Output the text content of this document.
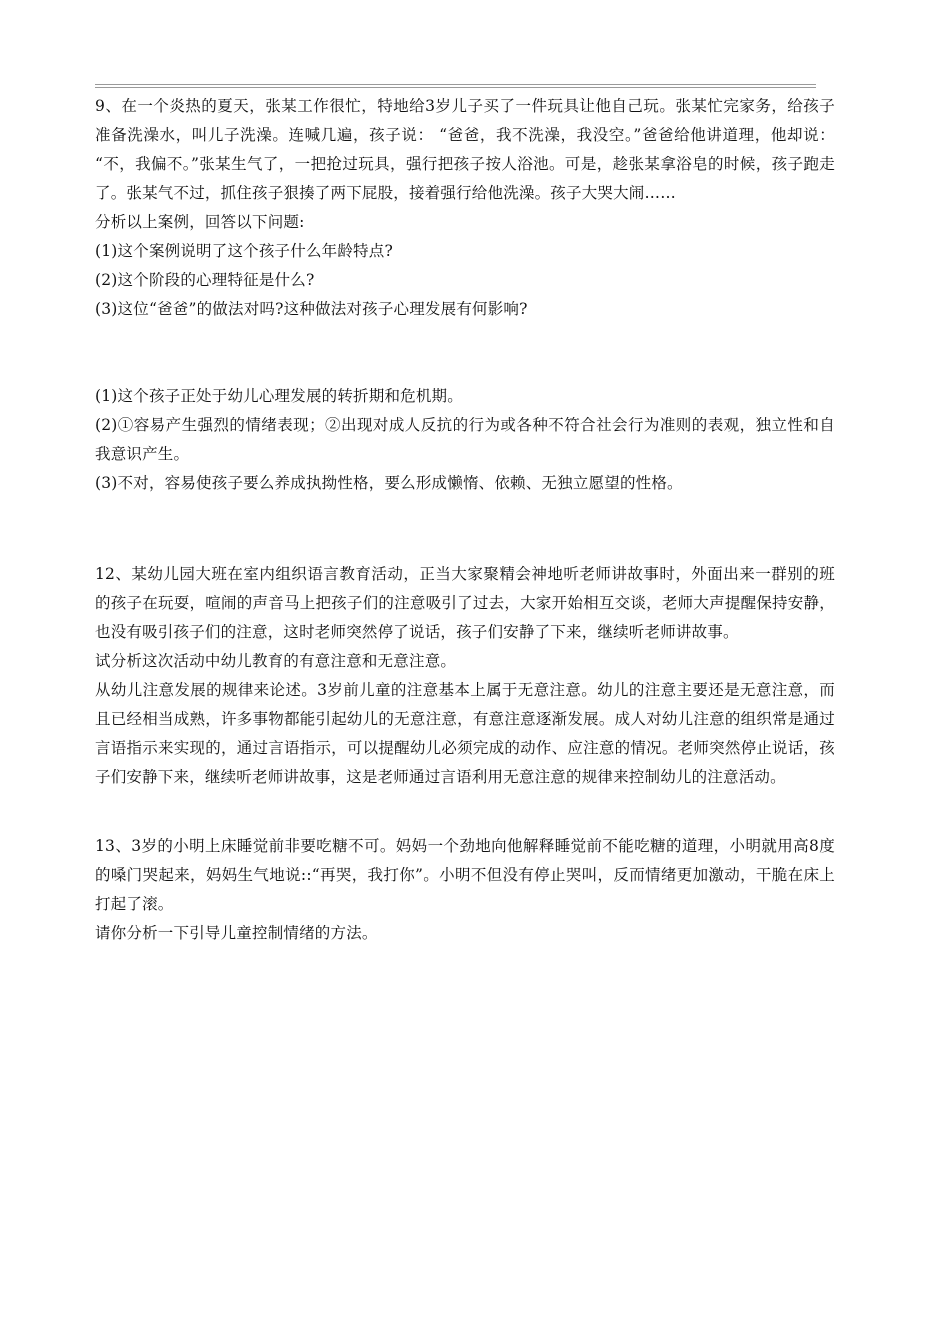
9、在一个炎热的夏天，张某工作很忙，特地给3岁儿子买了一件玩具让他自己玩。张某忙完家务，给孩子准备洗澡水，叫儿子洗澡。连喊几遍，孩子说： “爸爸，我不洗澡，我没空。”爸爸给他讲道理，他却说： “不，我偏不。”张某生气了，一把抢过玩具，强行把孩子按人浴池。可是，趁张某拿浴皂的时候，孩子跑走了。张某气不过，抓住孩子狠揍了两下屁股，接着强行给他洗澡。孩子大哭大闹……

分析以上案例，回答以下问题:

(1)这个案例说明了这个孩子什么年龄特点?

(2)这个阶段的心理特征是什么?

(3)这位“爸爸”的做法对吗?这种做法对孩子心理发展有何影响?

(1)这个孩子正处于幼儿心理发展的转折期和危机期。

(2)①容易产生强烈的情绪表现；②出现对成人反抗的行为或各种不符合社会行为准则的表观，独立性和自我意识产生。

(3)不对，容易使孩子要么养成执拗性格，要么形成懒惰、依赖、无独立愿望的性格。

12、某幼儿园大班在室内组织语言教育活动，正当大家聚精会神地听老师讲故事时，外面出来一群别的班的孩子在玩耍，喧闹的声音马上把孩子们的注意吸引了过去，大家开始相互交谈，老师大声提醒保持安静，也没有吸引孩子们的注意，这时老师突然停了说话，孩子们安静了下来，继续听老师讲故事。

试分析这次活动中幼儿教育的有意注意和无意注意。

从幼儿注意发展的规律来论述。3岁前儿童的注意基本上属于无意注意。幼儿的注意主要还是无意注意，而且已经相当成熟，许多事物都能引起幼儿的无意注意，有意注意逐渐发展。成人对幼儿注意的组织常是通过言语指示来实现的，通过言语指示，可以提醒幼儿必须完成的动作、应注意的情况。老师突然停止说话，孩子们安静下来，继续听老师讲故事，这是老师通过言语利用无意注意的规律来控制幼儿的注意活动。

13、3岁的小明上床睡觉前非要吃糖不可。妈妈一个劲地向他解释睡觉前不能吃糖的道理，小明就用高8度的嗓门哭起来，妈妈生气地说::“再哭，我打你”。小明不但没有停止哭叫，反而情绪更加激动，干脆在床上打起了滚。

请你分析一下引导儿童控制情绪的方法。
